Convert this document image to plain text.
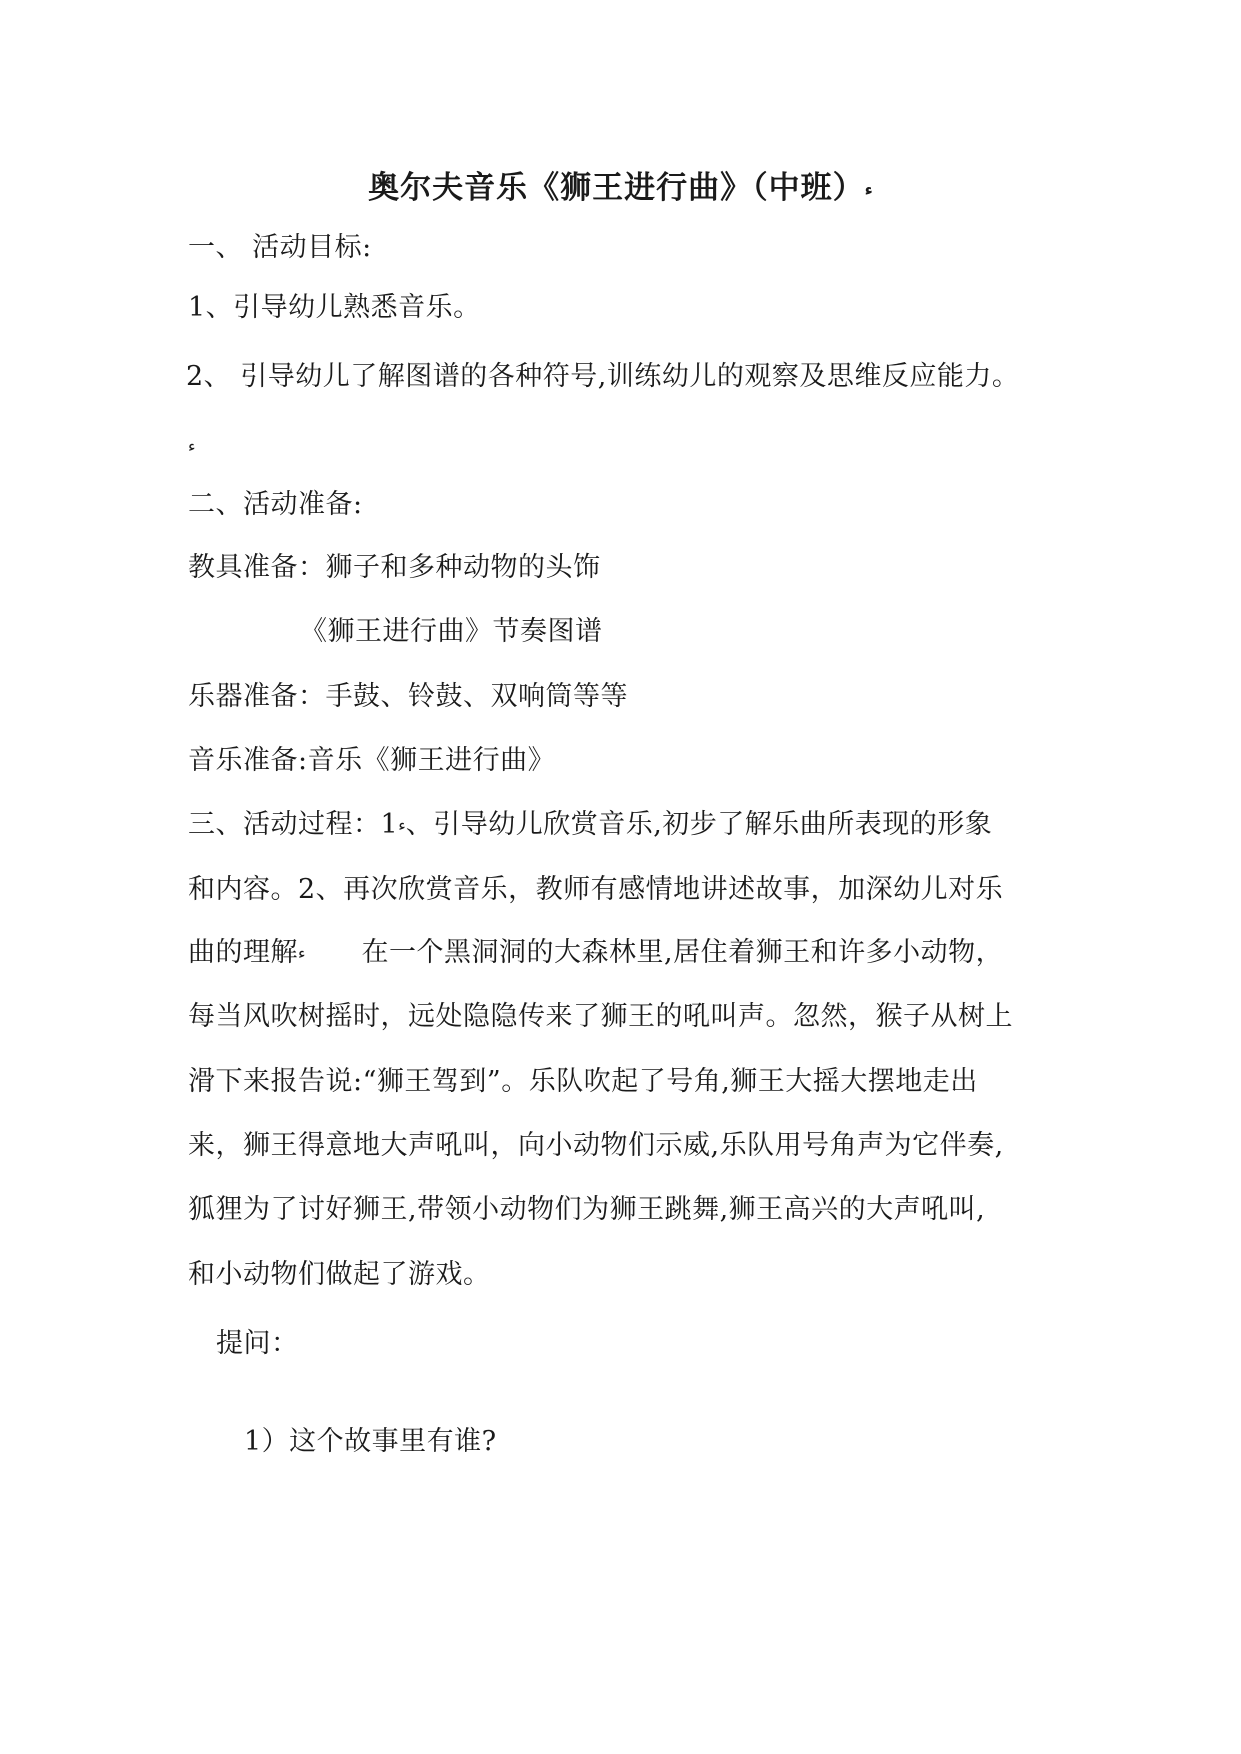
奥尔夫音乐《狮王进行曲》（中班）ء
一、 活动目标:
1、引导幼儿熟悉音乐。
2、 引导幼儿了解图谱的各种符号,训练幼儿的观察及思维反应能力。
ء
二、活动准备:
教具准备：狮子和多种动物的头饰
《狮王进行曲》节奏图谱
乐器准备：手鼓、铃鼓、双响筒等等
音乐准备:音乐《狮王进行曲》
三、活动过程：1ء、引导幼儿欣赏音乐,初步了解乐曲所表现的形象
和内容。2、再次欣赏音乐，教师有感情地讲述故事，加深幼儿对乐
曲的理解ء 在一个黑洞洞的大森林里,居住着狮王和许多小动物，
每当风吹树摇时，远处隐隐传来了狮王的吼叫声。忽然，猴子从树上
滑下来报告说:“狮王驾到”。乐队吹起了号角,狮王大摇大摆地走出
来，狮王得意地大声吼叫，向小动物们示威,乐队用号角声为它伴奏,
狐狸为了讨好狮王,带领小动物们为狮王跳舞,狮王高兴的大声吼叫,
和小动物们做起了游戏。
提问：
1）这个故事里有谁?
